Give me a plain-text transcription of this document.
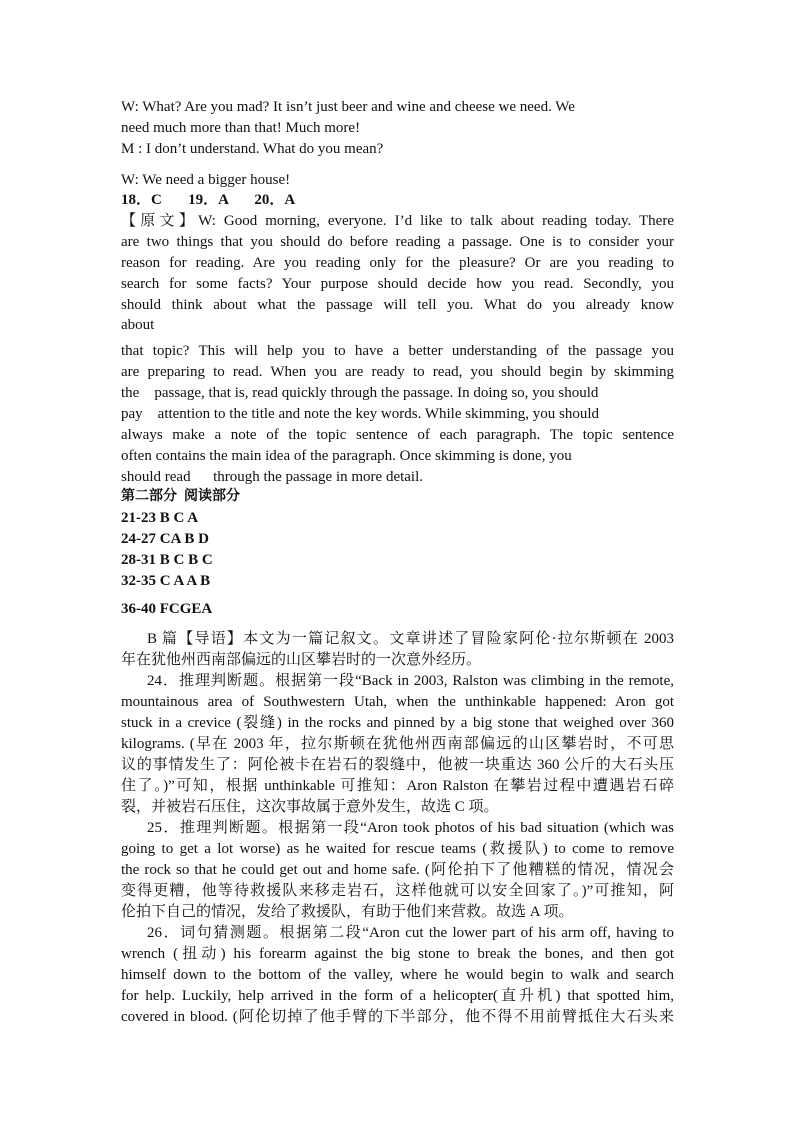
W: What? Are you mad? It isn’t just beer and wine and cheese we need. We
need much more than that! Much more!
M : I don’t understand. What do you mean?
W: We need a bigger house!
18．C       19．A       20．A
【原文】W: Good morning, everyone. I’d like to talk about reading today. There
are two things that you should do before reading a passage. One is to consider your
reason for reading. Are you reading only for the pleasure? Or are you reading to
search for some facts? Your purpose should decide how you read. Secondly, you
should think about what the passage will tell you. What do you already know
about
that topic? This will help you to have a better understanding of the passage you
are preparing to read. When you are ready to read, you should begin by skimming
the    passage, that is, read quickly through the passage. In doing so, you should
pay    attention to the title and note the key words. While skimming, you should
always make a note of the topic sentence of each paragraph. The topic sentence
often contains the main idea of the paragraph. Once skimming is done, you
should read      through the passage in more detail.
第二部分  阅读部分
21-23 B C A
24-27 CA B D
28-31 B C B C
32-35 C A A B
36-40 FCGEA
B 篇【导语】本文为一篇记叙文。文章讲述了冒险家阿伦·拉尔斯顿在 2003
年在犹他州西南部偏远的山区攀岩时的一次意外经历。
24．推理判断题。根据第一段“Back in 2003, Ralston was climbing in the remote,
mountainous area of Southwestern Utah, when the unthinkable happened: Aron got
stuck in a crevice (裂缝) in the rocks and pinned by a big stone that weighed over 360
kilograms. (早在 2003 年，拉尔斯顿在犹他州西南部偏远的山区攀岩时，不可思
议的事情发生了：阿伦被卡在岩石的裂缝中，他被一块重达 360 公斤的大石头压
住了。)”可知，根据 unthinkable 可推知：Aron Ralston 在攀岩过程中遭遇岩石碎
裂，并被岩石压住，这次事故属于意外发生，故选 C 项。
25．推理判断题。根据第一段“Aron took photos of his bad situation (which was
going to get a lot worse) as he waited for rescue teams (救援队) to come to remove
the rock so that he could get out and home safe. (阿伦拍下了他糟糕的情况，情况会
变得更糟，他等待救援队来移走岩石，这样他就可以安全回家了。)”可推知，阿
伦拍下自己的情况，发给了救援队，有助于他们来营救。故选 A 项。
26．词句猜测题。根据第二段“Aron cut the lower part of his arm off, having to
wrench (扭动) his forearm against the big stone to break the bones, and then got
himself down to the bottom of the valley, where he would begin to walk and search
for help. Luckily, help arrived in the form of a helicopter(直升机) that spotted him,
covered in blood. (阿伦切掉了他手臂的下半部分，他不得不用前臂抵住大石头来
